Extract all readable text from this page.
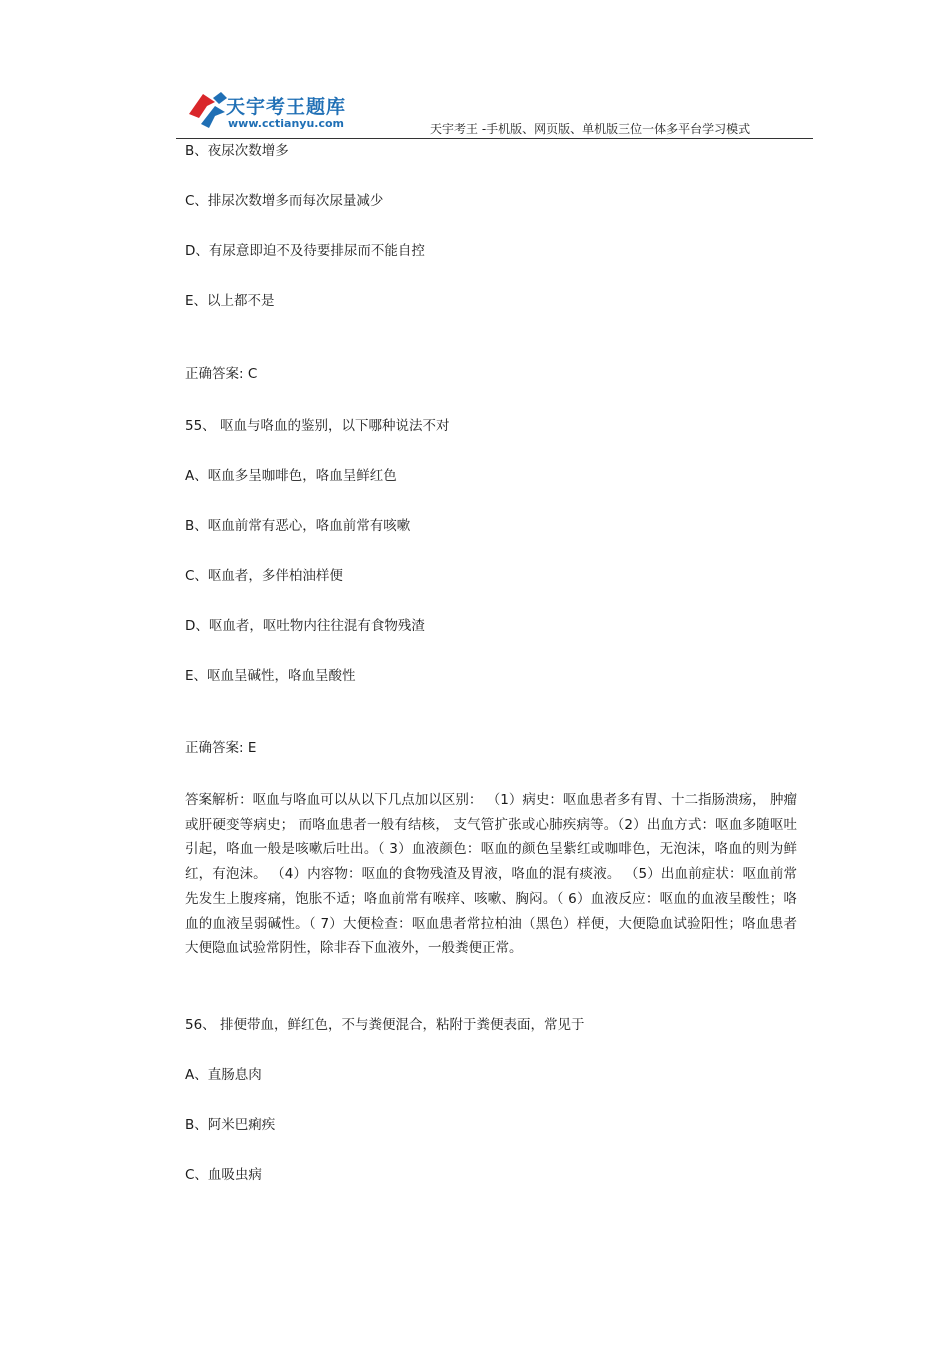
天宇考王题库
www.cctianyu.com	天宇考王 -手机版、网页版、单机版三位一体多平台学习模式
B、夜尿次数增多
C、排尿次数增多而每次尿量减少
D、有尿意即迫不及待要排尿而不能自控
E、以上都不是
正确答案: C
55、 呕血与咯血的鉴别，以下哪种说法不对
A、呕血多呈咖啡色，咯血呈鲜红色
B、呕血前常有恶心，咯血前常有咳嗽
C、呕血者，多伴柏油样便
D、呕血者，呕吐物内往往混有食物残渣
E、呕血呈碱性，咯血呈酸性
正确答案: E
答案解析：呕血与咯血可以从以下几点加以区别： （1）病史：呕血患者多有胃、十二指肠溃疡， 肿瘤或肝硬变等病史； 而咯血患者一般有结核， 支气管扩张或心肺疾病等。（2）出血方式：呕血多随呕吐引起，咯血一般是咳嗽后吐出。（ 3）血液颜色：呕血的颜色呈紫红或咖啡色，无泡沫，咯血的则为鲜红，有泡沫。 （4）内容物：呕血的食物残渣及胃液，咯血的混有痰液。 （5）出血前症状：呕血前常先发生上腹疼痛，饱胀不适；咯血前常有喉痒、咳嗽、胸闷。（ 6）血液反应：呕血的血液呈酸性；咯血的血液呈弱碱性。（ 7）大便检查：呕血患者常拉柏油（黑色）样便，大便隐血试验阳性；咯血患者大便隐血试验常阴性，除非吞下血液外，一般粪便正常。
56、 排便带血，鲜红色，不与粪便混合，粘附于粪便表面，常见于
A、直肠息肉
B、阿米巴痢疾
C、血吸虫病
